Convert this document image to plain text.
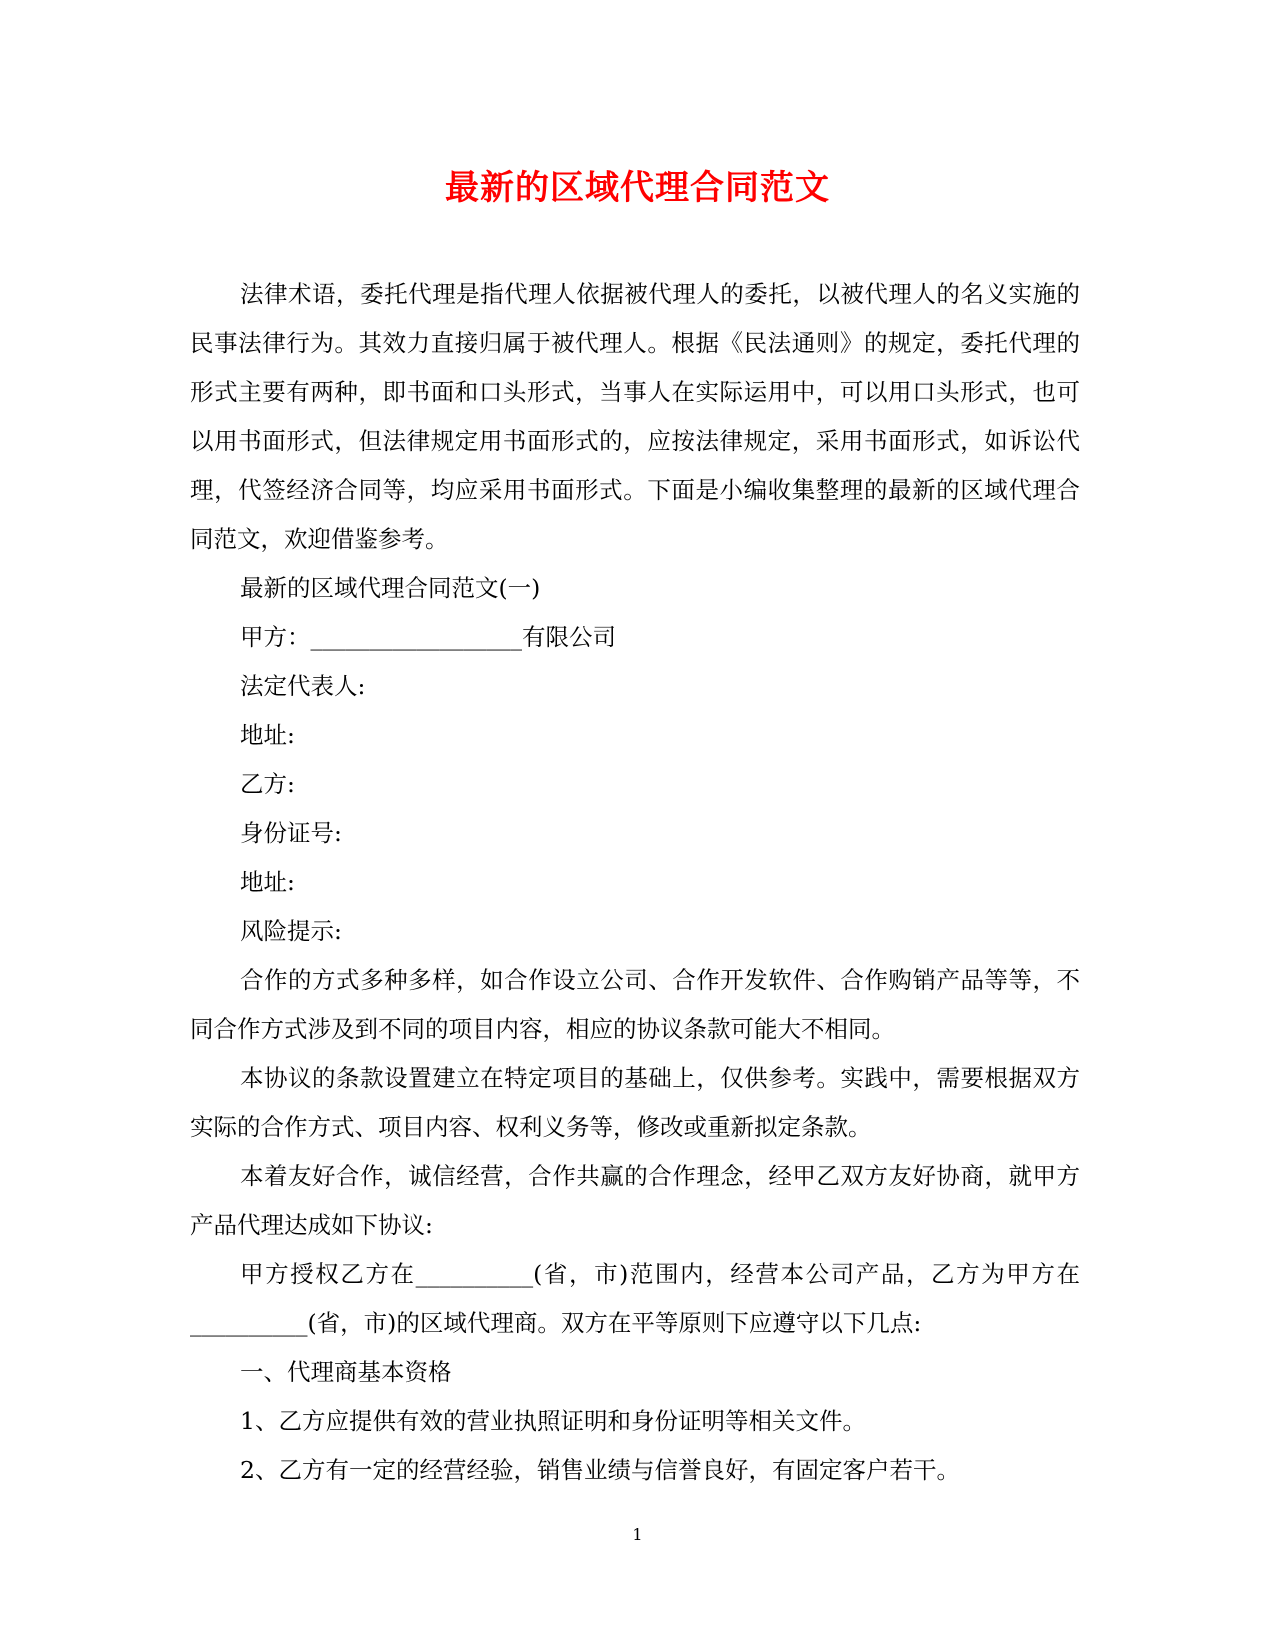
最新的区域代理合同范文

法律术语，委托代理是指代理人依据被代理人的委托，以被代理人的名义实施的民事法律行为。其效力直接归属于被代理人。根据《民法通则》的规定，委托代理的形式主要有两种，即书面和口头形式，当事人在实际运用中，可以用口头形式，也可以用书面形式，但法律规定用书面形式的，应按法律规定，采用书面形式，如诉讼代理，代签经济合同等，均应采用书面形式。下面是小编收集整理的最新的区域代理合同范文，欢迎借鉴参考。

最新的区域代理合同范文(一)

甲方：__________________有限公司

法定代表人:

地址:

乙方:

身份证号:

地址:

风险提示:

合作的方式多种多样，如合作设立公司、合作开发软件、合作购销产品等等，不同合作方式涉及到不同的项目内容，相应的协议条款可能大不相同。

本协议的条款设置建立在特定项目的基础上，仅供参考。实践中，需要根据双方实际的合作方式、项目内容、权利义务等，修改或重新拟定条款。

本着友好合作，诚信经营，合作共赢的合作理念，经甲乙双方友好协商，就甲方产品代理达成如下协议:

甲方授权乙方在__________(省，市)范围内，经营本公司产品，乙方为甲方在__________(省，市)的区域代理商。双方在平等原则下应遵守以下几点:

一、代理商基本资格

1、乙方应提供有效的营业执照证明和身份证明等相关文件。

2、乙方有一定的经营经验，销售业绩与信誉良好，有固定客户若干。

1
